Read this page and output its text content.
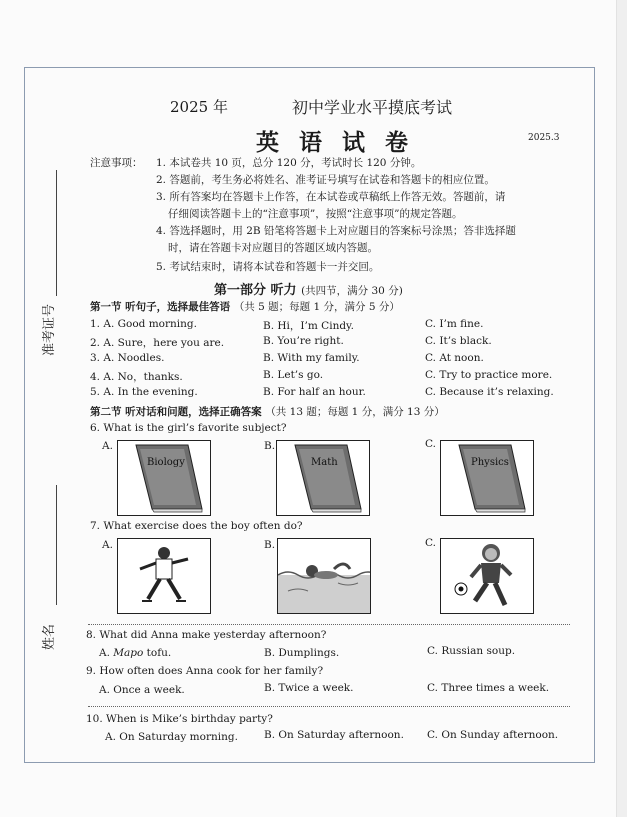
2025 年	初中学业水平摸底考试
英 语 试 卷	2025.3
注意事项： 1. 本试卷共 10 页，总分 120 分，考试时长 120 分钟。
2. 答题前，考生务必将姓名、准考证号填写在试卷和答题卡的相应位置。
3. 所有答案均在答题卡上作答，在本试卷或草稿纸上作答无效。答题前，请
仔细阅读答题卡上的“注意事项”，按照“注意事项”的规定答题。
4. 答选择题时，用 2B 铅笔将答题卡上对应题目的答案标号涂黑；答非选择题
时，请在答题卡对应题目的答题区域内答题。
5. 考试结束时，请将本试卷和答题卡一并交回。
准考证号
姓名
第一部分 听力 (共四节，满分 30 分)
第一节 听句子，选择最佳答语 （共 5 题；每题 1 分，满分 5 分）
1. A. Good morning.	B. Hi，I’m Cindy.	C. I’m fine.
2. A. Sure，here you are.	B. You’re right.	C. It’s black.
3. A. Noodles.	B. With my family.	C. At noon.
4. A. No，thanks.	B. Let’s go.	C. Try to practice more.
5. A. In the evening.	B. For half an hour.	C. Because it’s relaxing.
第二节 听对话和问题，选择正确答案 （共 13 题；每题 1 分，满分 13 分）
6. What is the girl’s favorite subject?
A.	B.	C.
Biology	Math	Physics
7. What exercise does the boy often do?
A.	B.	C.
8. What did Anna make yesterday afternoon?
A. Mapo tofu.	B. Dumplings.	C. Russian soup.
9. How often does Anna cook for her family?
A. Once a week.	B. Twice a week.	C. Three times a week.
10. When is Mike’s birthday party?
A. On Saturday morning. B. On Saturday afternoon. C. On Sunday afternoon.
